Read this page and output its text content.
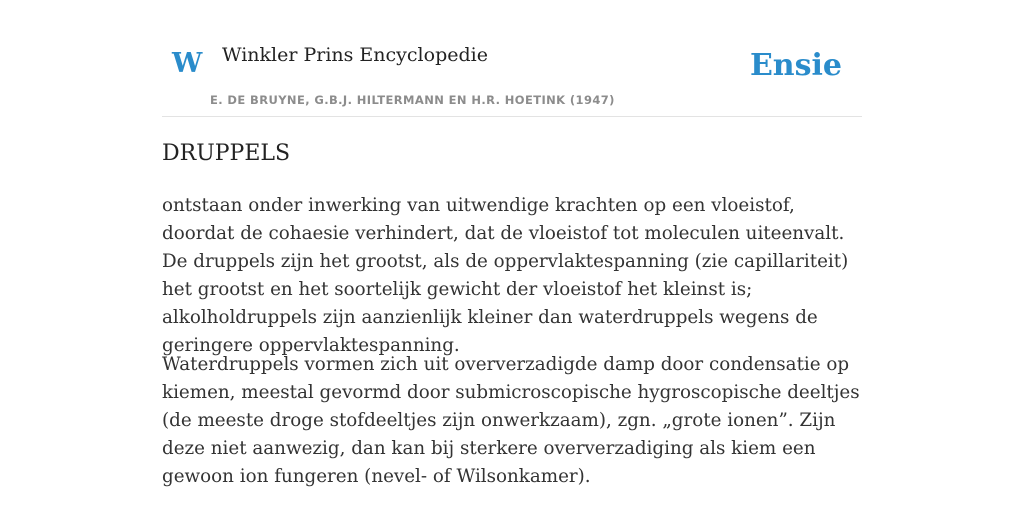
W Winkler Prins Encyclopedie
E. DE BRUYNE, G.B.J. HILTERMANN EN H.R. HOETINK (1947)
Ensie
DRUPPELS

ontstaan onder inwerking van uitwendige krachten op een vloeistof, doordat de cohaesie verhindert, dat de vloeistof tot moleculen uiteenvalt. De druppels zijn het grootst, als de oppervlaktespanning (zie capillariteit) het grootst en het soortelijk gewicht der vloeistof het kleinst is; alkolholdruppels zijn aanzienlijk kleiner dan waterdruppels wegens de geringere oppervlaktespanning.

Waterdruppels vormen zich uit oververzadigde damp door condensatie op kiemen, meestal gevormd door submicroscopische hygroscopische deeltjes (de meeste droge stofdeeltjes zijn onwerkzaam), zgn. „grote ionen”. Zijn deze niet aanwezig, dan kan bij sterkere oververzadiging als kiem een gewoon ion fungeren (nevel- of Wilsonkamer).
